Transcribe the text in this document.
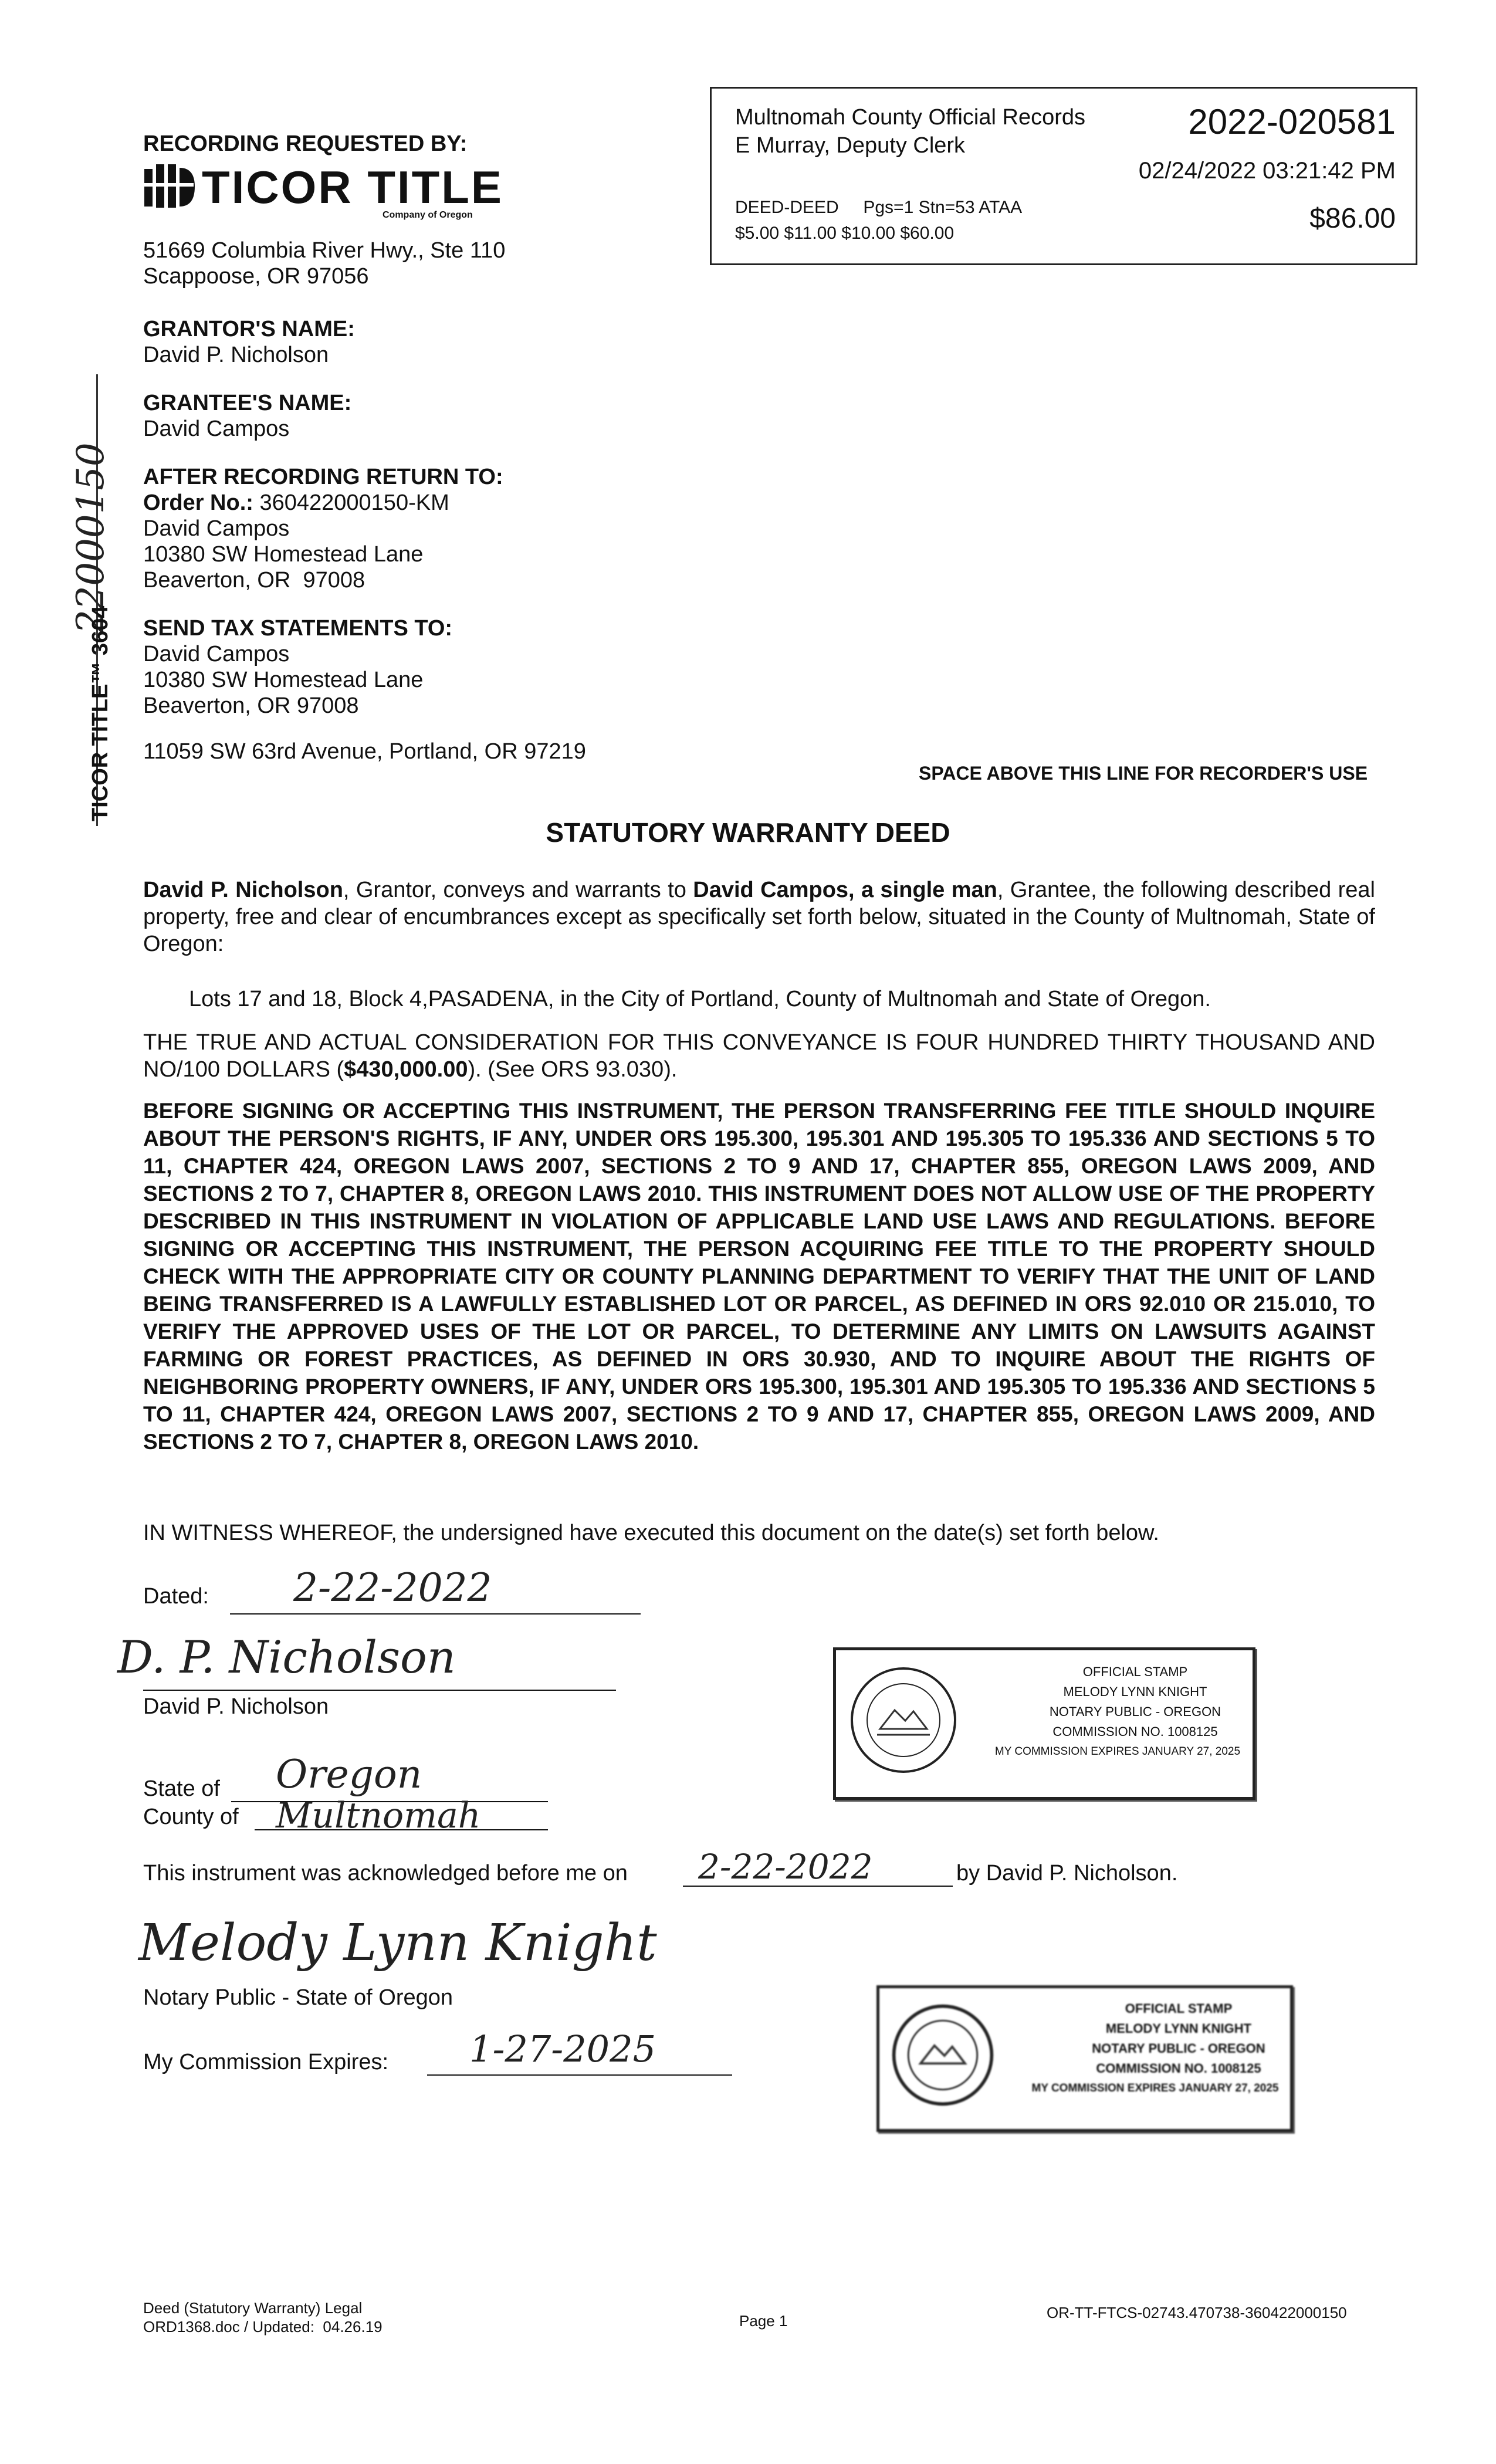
Multnomah County Official Records
E Murray, Deputy Clerk
2022-020581
02/24/2022 03:21:42 PM
DEED-DEED     Pgs=1 Stn=53 ATAA
$5.00 $11.00 $10.00 $60.00	$86.00
RECORDING REQUESTED BY:
TICOR TITLE
Company of Oregon
51669 Columbia River Hwy., Ste 110
Scappoose, OR 97056
GRANTOR'S NAME:
David P. Nicholson
GRANTEE'S NAME:
David Campos
AFTER RECORDING RETURN TO:
Order No.: 360422000150-KM
David Campos
10380 SW Homestead Lane
Beaverton, OR  97008
SEND TAX STATEMENTS TO:
David Campos
10380 SW Homestead Lane
Beaverton, OR 97008
11059 SW 63rd Avenue, Portland, OR 97219
SPACE ABOVE THIS LINE FOR RECORDER'S USE
22000150
TICOR TITLE™ 3604
STATUTORY WARRANTY DEED
David P. Nicholson, Grantor, conveys and warrants to David Campos, a single man, Grantee, the following described real property, free and clear of encumbrances except as specifically set forth below, situated in the County of Multnomah, State of Oregon:
Lots 17 and 18, Block 4,PASADENA, in the City of Portland, County of Multnomah and State of Oregon.
THE TRUE AND ACTUAL CONSIDERATION FOR THIS CONVEYANCE IS FOUR HUNDRED THIRTY THOUSAND AND NO/100 DOLLARS ($430,000.00). (See ORS 93.030).
BEFORE SIGNING OR ACCEPTING THIS INSTRUMENT, THE PERSON TRANSFERRING FEE TITLE SHOULD INQUIRE ABOUT THE PERSON'S RIGHTS, IF ANY, UNDER ORS 195.300, 195.301 AND 195.305 TO 195.336 AND SECTIONS 5 TO 11, CHAPTER 424, OREGON LAWS 2007, SECTIONS 2 TO 9 AND 17, CHAPTER 855, OREGON LAWS 2009, AND SECTIONS 2 TO 7, CHAPTER 8, OREGON LAWS 2010. THIS INSTRUMENT DOES NOT ALLOW USE OF THE PROPERTY DESCRIBED IN THIS INSTRUMENT IN VIOLATION OF APPLICABLE LAND USE LAWS AND REGULATIONS. BEFORE SIGNING OR ACCEPTING THIS INSTRUMENT, THE PERSON ACQUIRING FEE TITLE TO THE PROPERTY SHOULD CHECK WITH THE APPROPRIATE CITY OR COUNTY PLANNING DEPARTMENT TO VERIFY THAT THE UNIT OF LAND BEING TRANSFERRED IS A LAWFULLY ESTABLISHED LOT OR PARCEL, AS DEFINED IN ORS 92.010 OR 215.010, TO VERIFY THE APPROVED USES OF THE LOT OR PARCEL, TO DETERMINE ANY LIMITS ON LAWSUITS AGAINST FARMING OR FOREST PRACTICES, AS DEFINED IN ORS 30.930, AND TO INQUIRE ABOUT THE RIGHTS OF NEIGHBORING PROPERTY OWNERS, IF ANY, UNDER ORS 195.300, 195.301 AND 195.305 TO 195.336 AND SECTIONS 5 TO 11, CHAPTER 424, OREGON LAWS 2007, SECTIONS 2 TO 9 AND 17, CHAPTER 855, OREGON LAWS 2009, AND SECTIONS 2 TO 7, CHAPTER 8, OREGON LAWS 2010.
IN WITNESS WHEREOF, the undersigned have executed this document on the date(s) set forth below.
Dated: 2-22-2022
D. P. Nicholson
David P. Nicholson
State of Oregon
County of Multnomah
This instrument was acknowledged before me on 2-22-2022	by David P. Nicholson.
Melody Lynn Knight
Notary Public - State of Oregon
My Commission Expires: 1-27-2025
OFFICIAL STAMP
MELODY LYNN KNIGHT
NOTARY PUBLIC - OREGON
COMMISSION NO. 1008125
MY COMMISSION EXPIRES JANUARY 27, 2025
OFFICIAL STAMP
MELODY LYNN KNIGHT
NOTARY PUBLIC - OREGON
COMMISSION NO. 1008125
MY COMMISSION EXPIRES JANUARY 27, 2025
Deed (Statutory Warranty) Legal
ORD1368.doc / Updated:  04.26.19	Page 1	OR-TT-FTCS-02743.470738-360422000150
